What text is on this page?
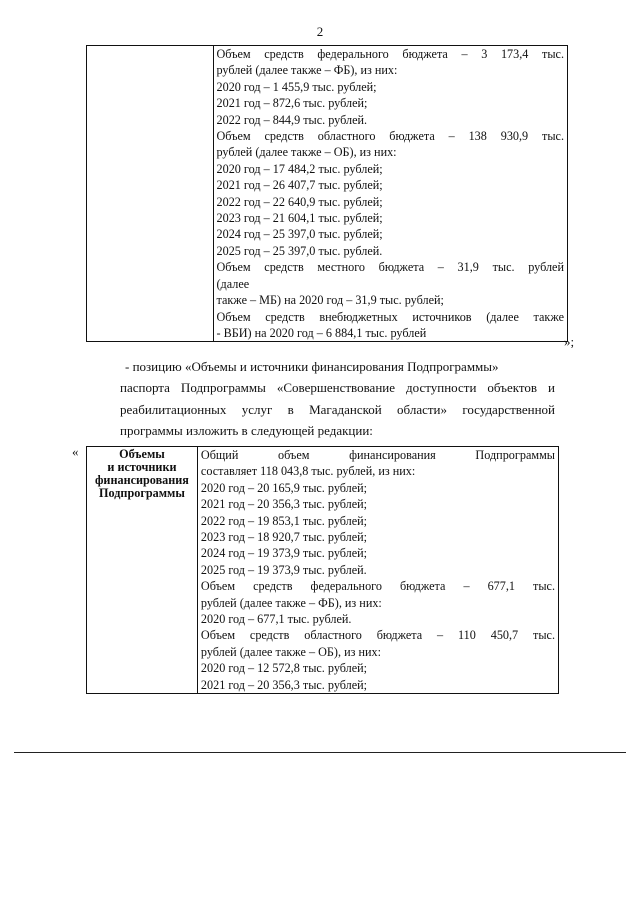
2

Объем средств федерального бюджета – 3 173,4 тыс.
рублей (далее также – ФБ), из них:
2020 год – 1 455,9 тыс. рублей;
2021 год – 872,6 тыс. рублей;
2022 год – 844,9 тыс. рублей.
Объем средств областного бюджета – 138 930,9 тыс.
рублей (далее также – ОБ), из них:
2020 год – 17 484,2 тыс. рублей;
2021 год – 26 407,7 тыс. рублей;
2022 год – 22 640,9 тыс. рублей;
2023 год – 21 604,1 тыс. рублей;
2024 год – 25 397,0 тыс. рублей;
2025 год – 25 397,0 тыс. рублей.
Объем средств местного бюджета – 31,9 тыс. рублей
(далее
также – МБ) на 2020 год – 31,9 тыс. рублей;
Объем средств внебюджетных источников (далее также
- ВБИ) на 2020 год – 6 884,1 тыс. рублей
»;
- позицию «Объемы и источники финансирования Подпрограммы»
паспорта Подпрограммы «Совершенствование доступности объектов и
реабилитационных услуг в Магаданской области» государственной
программы изложить в следующей редакции:
«	Объемы
и источники
финансирования
Подпрограммы

Общий объем финансирования Подпрограммы
составляет 118 043,8 тыс. рублей, из них:
2020 год – 20 165,9 тыс. рублей;
2021 год – 20 356,3 тыс. рублей;
2022 год – 19 853,1 тыс. рублей;
2023 год – 18 920,7 тыс. рублей;
2024 год – 19 373,9 тыс. рублей;
2025 год – 19 373,9 тыс. рублей.
Объем средств федерального бюджета – 677,1 тыс.
рублей (далее также – ФБ), из них:
2020 год – 677,1 тыс. рублей.
Объем средств областного бюджета – 110 450,7 тыс.
рублей (далее также – ОБ), из них:
2020 год – 12 572,8 тыс. рублей;
2021 год – 20 356,3 тыс. рублей;
